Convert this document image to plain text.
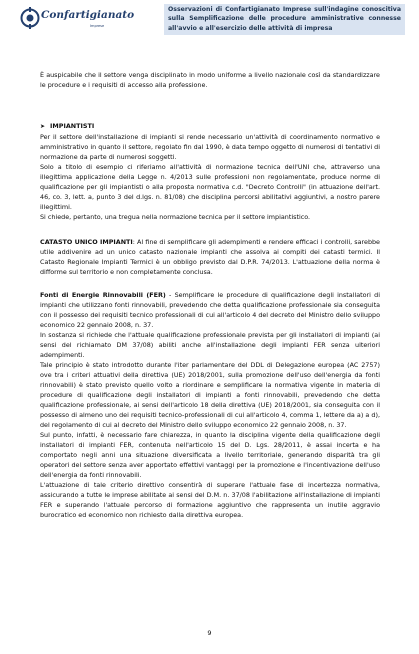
Confartigianato
Imprese
Osservazioni di Confartigianato Imprese sull'indagine conoscitiva sulla Semplificazione delle procedure amministrative connesse all'avvio e all'esercizio delle attività di impresa

È auspicabile che il settore venga disciplinato in modo uniforme a livello nazionale così da standardizzare le procedure e i requisiti di accesso alla professione.

➤ IMPIANTISTI

Per il settore dell'installazione di impianti si rende necessario un'attività di coordinamento normativo e amministrativo in quanto il settore, regolato fin dal 1990, è data tempo oggetto di numerosi di tentativi di normazione da parte di numerosi soggetti.

Solo a titolo di esempio ci riferiamo all'attività di normazione tecnica dell'UNI che, attraverso una illegittima applicazione della Legge n. 4/2013 sulle professioni non regolamentate, produce norme di qualificazione per gli impiantisti o alla proposta normativa c.d. "Decreto Controlli" (in attuazione dell'art. 46, co. 3, lett. a, punto 3 del d.lgs. n. 81/08) che disciplina percorsi abilitativi aggiuntivi, a nostro parere illegittimi.

Si chiede, pertanto, una tregua nella normazione tecnica per il settore impiantistico.

CATASTO UNICO IMPIANTI: Al fine di semplificare gli adempimenti e rendere efficaci i controlli, sarebbe utile addivenire ad un unico catasto nazionale impianti che assolva ai compiti dei catasti termici. Il Catasto Regionale Impianti Termici è un obbligo previsto dal D.P.R. 74/2013. L'attuazione della norma è difforme sul territorio e non completamente conclusa.

Fonti di Energie Rinnovabili (FER) - Semplificare le procedure di qualificazione degli installatori di impianti che utilizzano fonti rinnovabili, prevedendo che detta qualificazione professionale sia conseguita con il possesso dei requisiti tecnico professionali di cui all'articolo 4 del decreto del Ministro dello sviluppo economico 22 gennaio 2008, n. 37.

In sostanza si richiede che l'attuale qualificazione professionale prevista per gli installatori di impianti (ai sensi del richiamato DM 37/08) abiliti anche all'installazione degli impianti FER senza ulteriori adempimenti.

Tale principio è stato introdotto durante l'iter parlamentare del DDL di Delegazione europea (AC 2757) ove tra i criteri attuativi della direttiva (UE) 2018/2001, sulla promozione dell'uso dell'energia da fonti rinnovabili) è stato previsto quello volto a riordinare e semplificare la normativa vigente in materia di procedure di qualificazione degli installatori di impianti a fonti rinnovabili, prevedendo che detta qualificazione professionale, ai sensi dell'articolo 18 della direttiva (UE) 2018/2001, sia conseguita con il possesso di almeno uno dei requisiti tecnico-professionali di cui all'articolo 4, comma 1, lettere da a) a d), del regolamento di cui al decreto del Ministro dello sviluppo economico 22 gennaio 2008, n. 37.

Sul punto, infatti, è necessario fare chiarezza, in quanto la disciplina vigente della qualificazione degli installatori di impianti FER, contenuta nell'articolo 15 del D. Lgs. 28/2011, è assai incerta e ha comportato negli anni una situazione diversificata a livello territoriale, generando disparità tra gli operatori del settore senza aver apportato effettivi vantaggi per la promozione e l'incentivazione dell'uso dell'energia da fonti rinnovabili.

L'attuazione di tale criterio direttivo consentirà di superare l'attuale fase di incertezza normativa, assicurando a tutte le imprese abilitate ai sensi del D.M. n. 37/08 l'abilitazione all'installazione di impianti FER e superando l'attuale percorso di formazione aggiuntivo che rappresenta un inutile aggravio burocratico ed economico non richiesto dalla direttiva europea.

9
